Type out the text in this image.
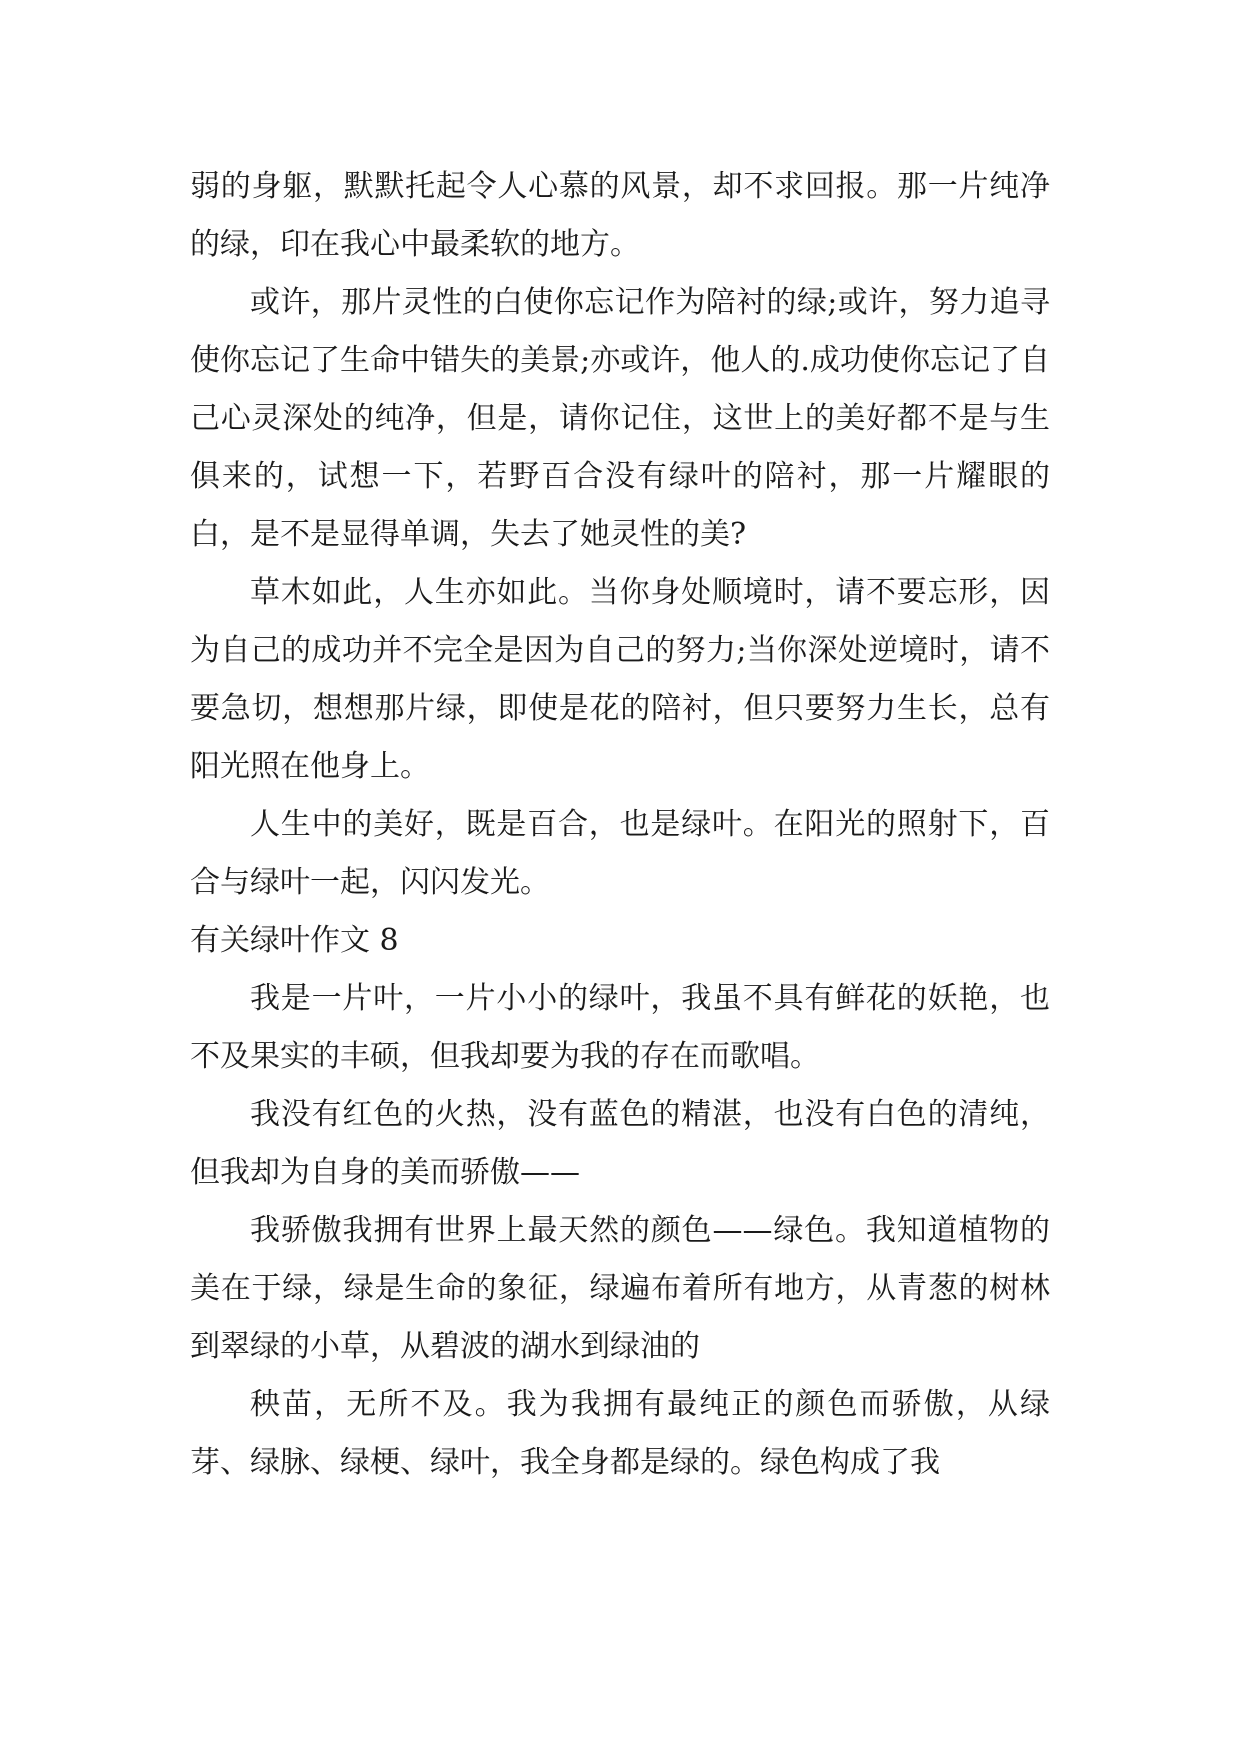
弱的身躯，默默托起令人心慕的风景，却不求回报。那一片纯净的绿，印在我心中最柔软的地方。

或许，那片灵性的白使你忘记作为陪衬的绿;或许，努力追寻使你忘记了生命中错失的美景;亦或许，他人的.成功使你忘记了自己心灵深处的纯净，但是，请你记住，这世上的美好都不是与生俱来的，试想一下，若野百合没有绿叶的陪衬，那一片耀眼的白，是不是显得单调，失去了她灵性的美?

草木如此，人生亦如此。当你身处顺境时，请不要忘形，因为自己的成功并不完全是因为自己的努力;当你深处逆境时，请不要急切，想想那片绿，即使是花的陪衬，但只要努力生长，总有阳光照在他身上。

人生中的美好，既是百合，也是绿叶。在阳光的照射下，百合与绿叶一起，闪闪发光。

有关绿叶作文 8

我是一片叶，一片小小的绿叶，我虽不具有鲜花的妖艳，也不及果实的丰硕，但我却要为我的存在而歌唱。

我没有红色的火热，没有蓝色的精湛，也没有白色的清纯，但我却为自身的美而骄傲——

我骄傲我拥有世界上最天然的颜色——绿色。我知道植物的美在于绿，绿是生命的象征，绿遍布着所有地方，从青葱的树林到翠绿的小草，从碧波的湖水到绿油的

秧苗，无所不及。我为我拥有最纯正的颜色而骄傲，从绿芽、绿脉、绿梗、绿叶，我全身都是绿的。绿色构成了我
